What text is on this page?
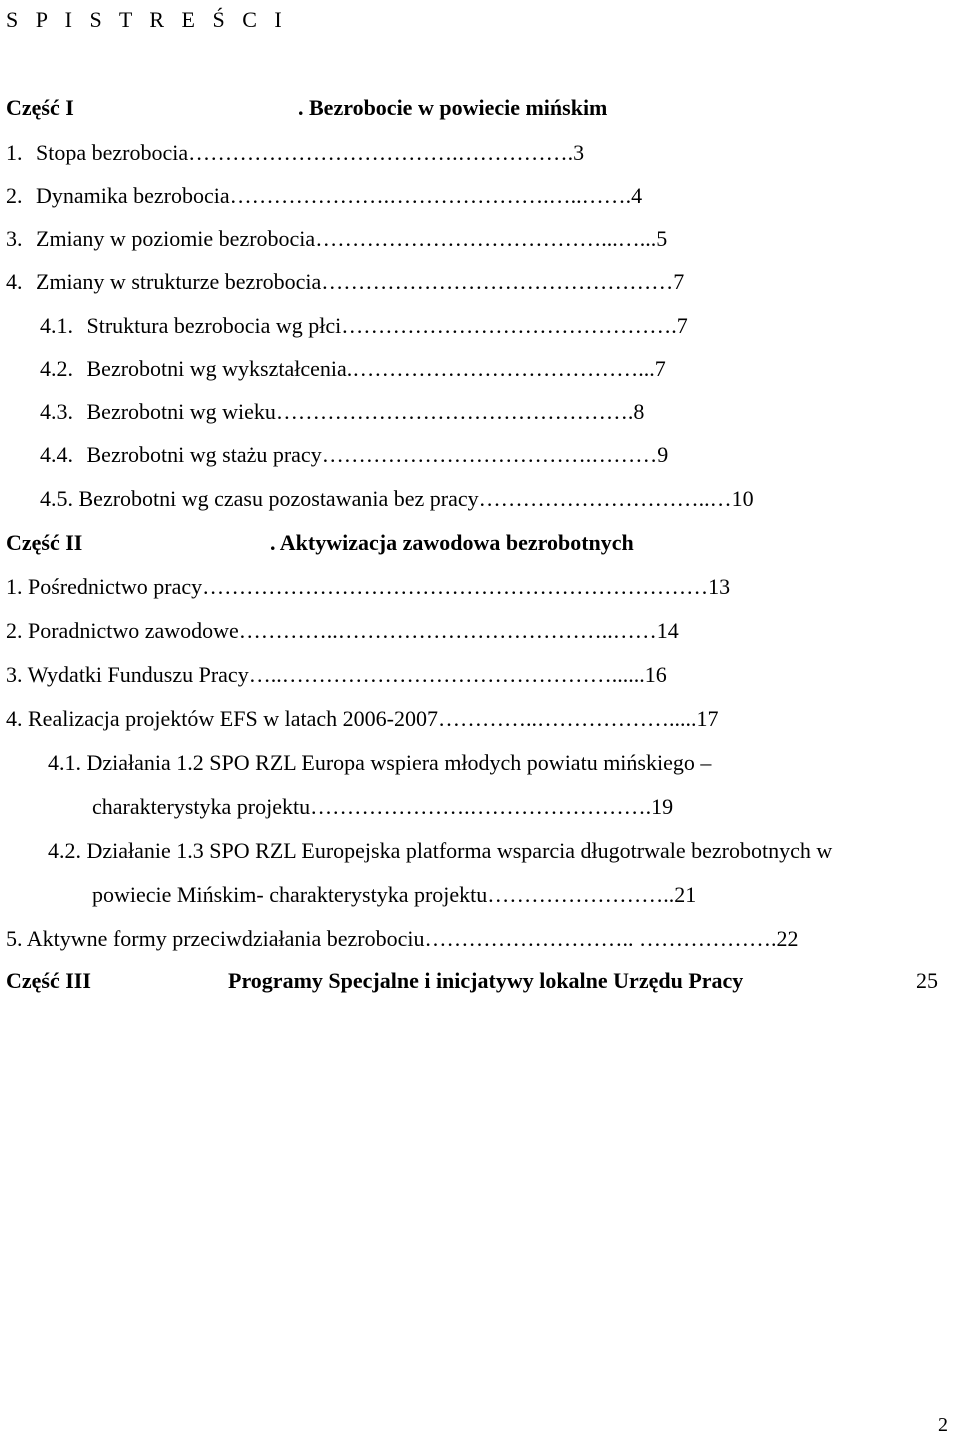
S P I S T R E Ś C I
Część I	. Bezrobocie w powiecie mińskim
1. Stopa bezrobocia……………………………….…………….3
2. Dynamika bezrobocia………………….………………….…..…….4
3. Zmiany w poziomie bezrobocia…………………………………...…...5
4. Zmiany w strukturze bezrobocia…………………………………………7
4.1. Struktura bezrobocia wg płci……………………………………….7
4.2. Bezrobotni wg wykształcenia.…………………………………...7
4.3. Bezrobotni wg wieku………………………………………….8
4.4. Bezrobotni wg stażu pracy……………………………….………9
4.5. Bezrobotni wg czasu pozostawania bez pracy…………………………..…10
Część II	. Aktywizacja zawodowa bezrobotnych
1. Pośrednictwo pracy……………………………………………………………13
2. Poradnictwo zawodowe…………..………………………………..……14
3. Wydatki Funduszu Pracy…..………………………………………......16
4. Realizacja projektów EFS w latach 2006-2007…………..……………….....17
4.1. Działania 1.2 SPO RZL Europa wspiera młodych powiatu mińskiego –
charakterystyka projektu………………….…………………….19
4.2. Działanie 1.3 SPO RZL Europejska platforma wsparcia długotrwale bezrobotnych w
powiecie Mińskim- charakterystyka projektu……………………..21
5. Aktywne formy przeciwdziałania bezrobociu……………………….. ……………….22
Część III	Programy Specjalne i inicjatywy lokalne Urzędu Pracy	25
2
